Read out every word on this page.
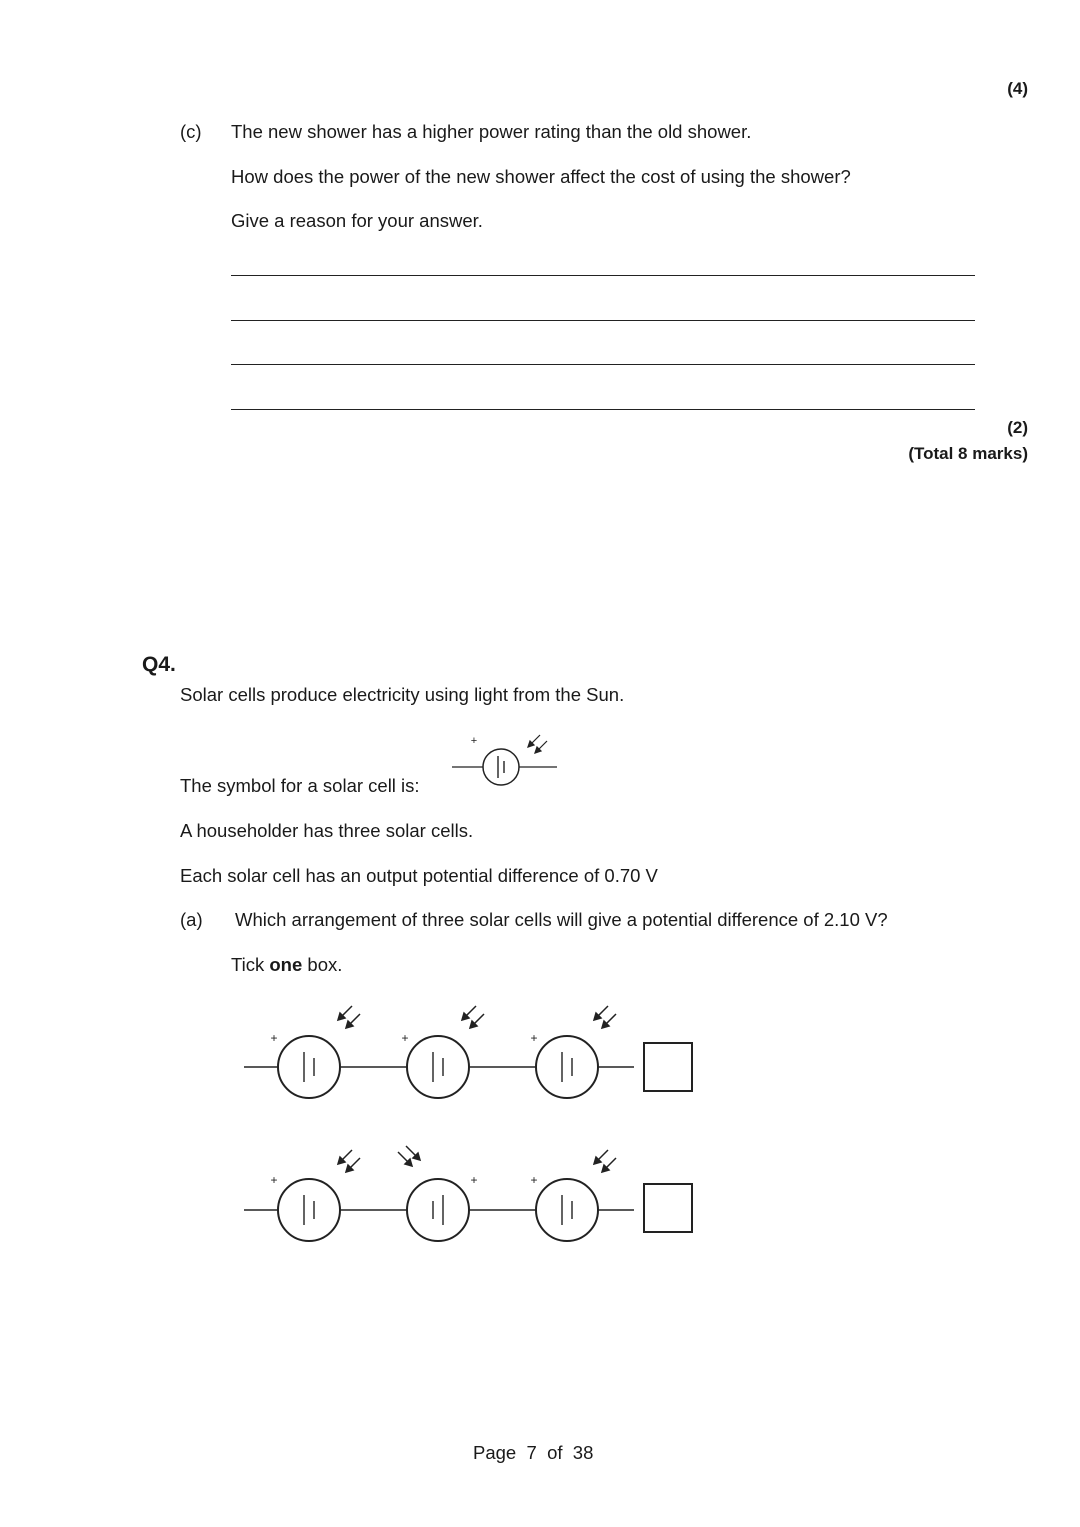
(4)
(c) The new shower has a higher power rating than the old shower.
How does the power of the new shower affect the cost of using the shower?
Give a reason for your answer.
(2)
(Total 8 marks)
Q4.
Solar cells produce electricity using light from the Sun.
The symbol for a solar cell is:
+
A householder has three solar cells.
Each solar cell has an output potential difference of 0.70 V
(a) Which arrangement of three solar cells will give a potential difference of 2.10 V?
Tick one box.
+	+	+
+	+	+
Page 7 of 38
